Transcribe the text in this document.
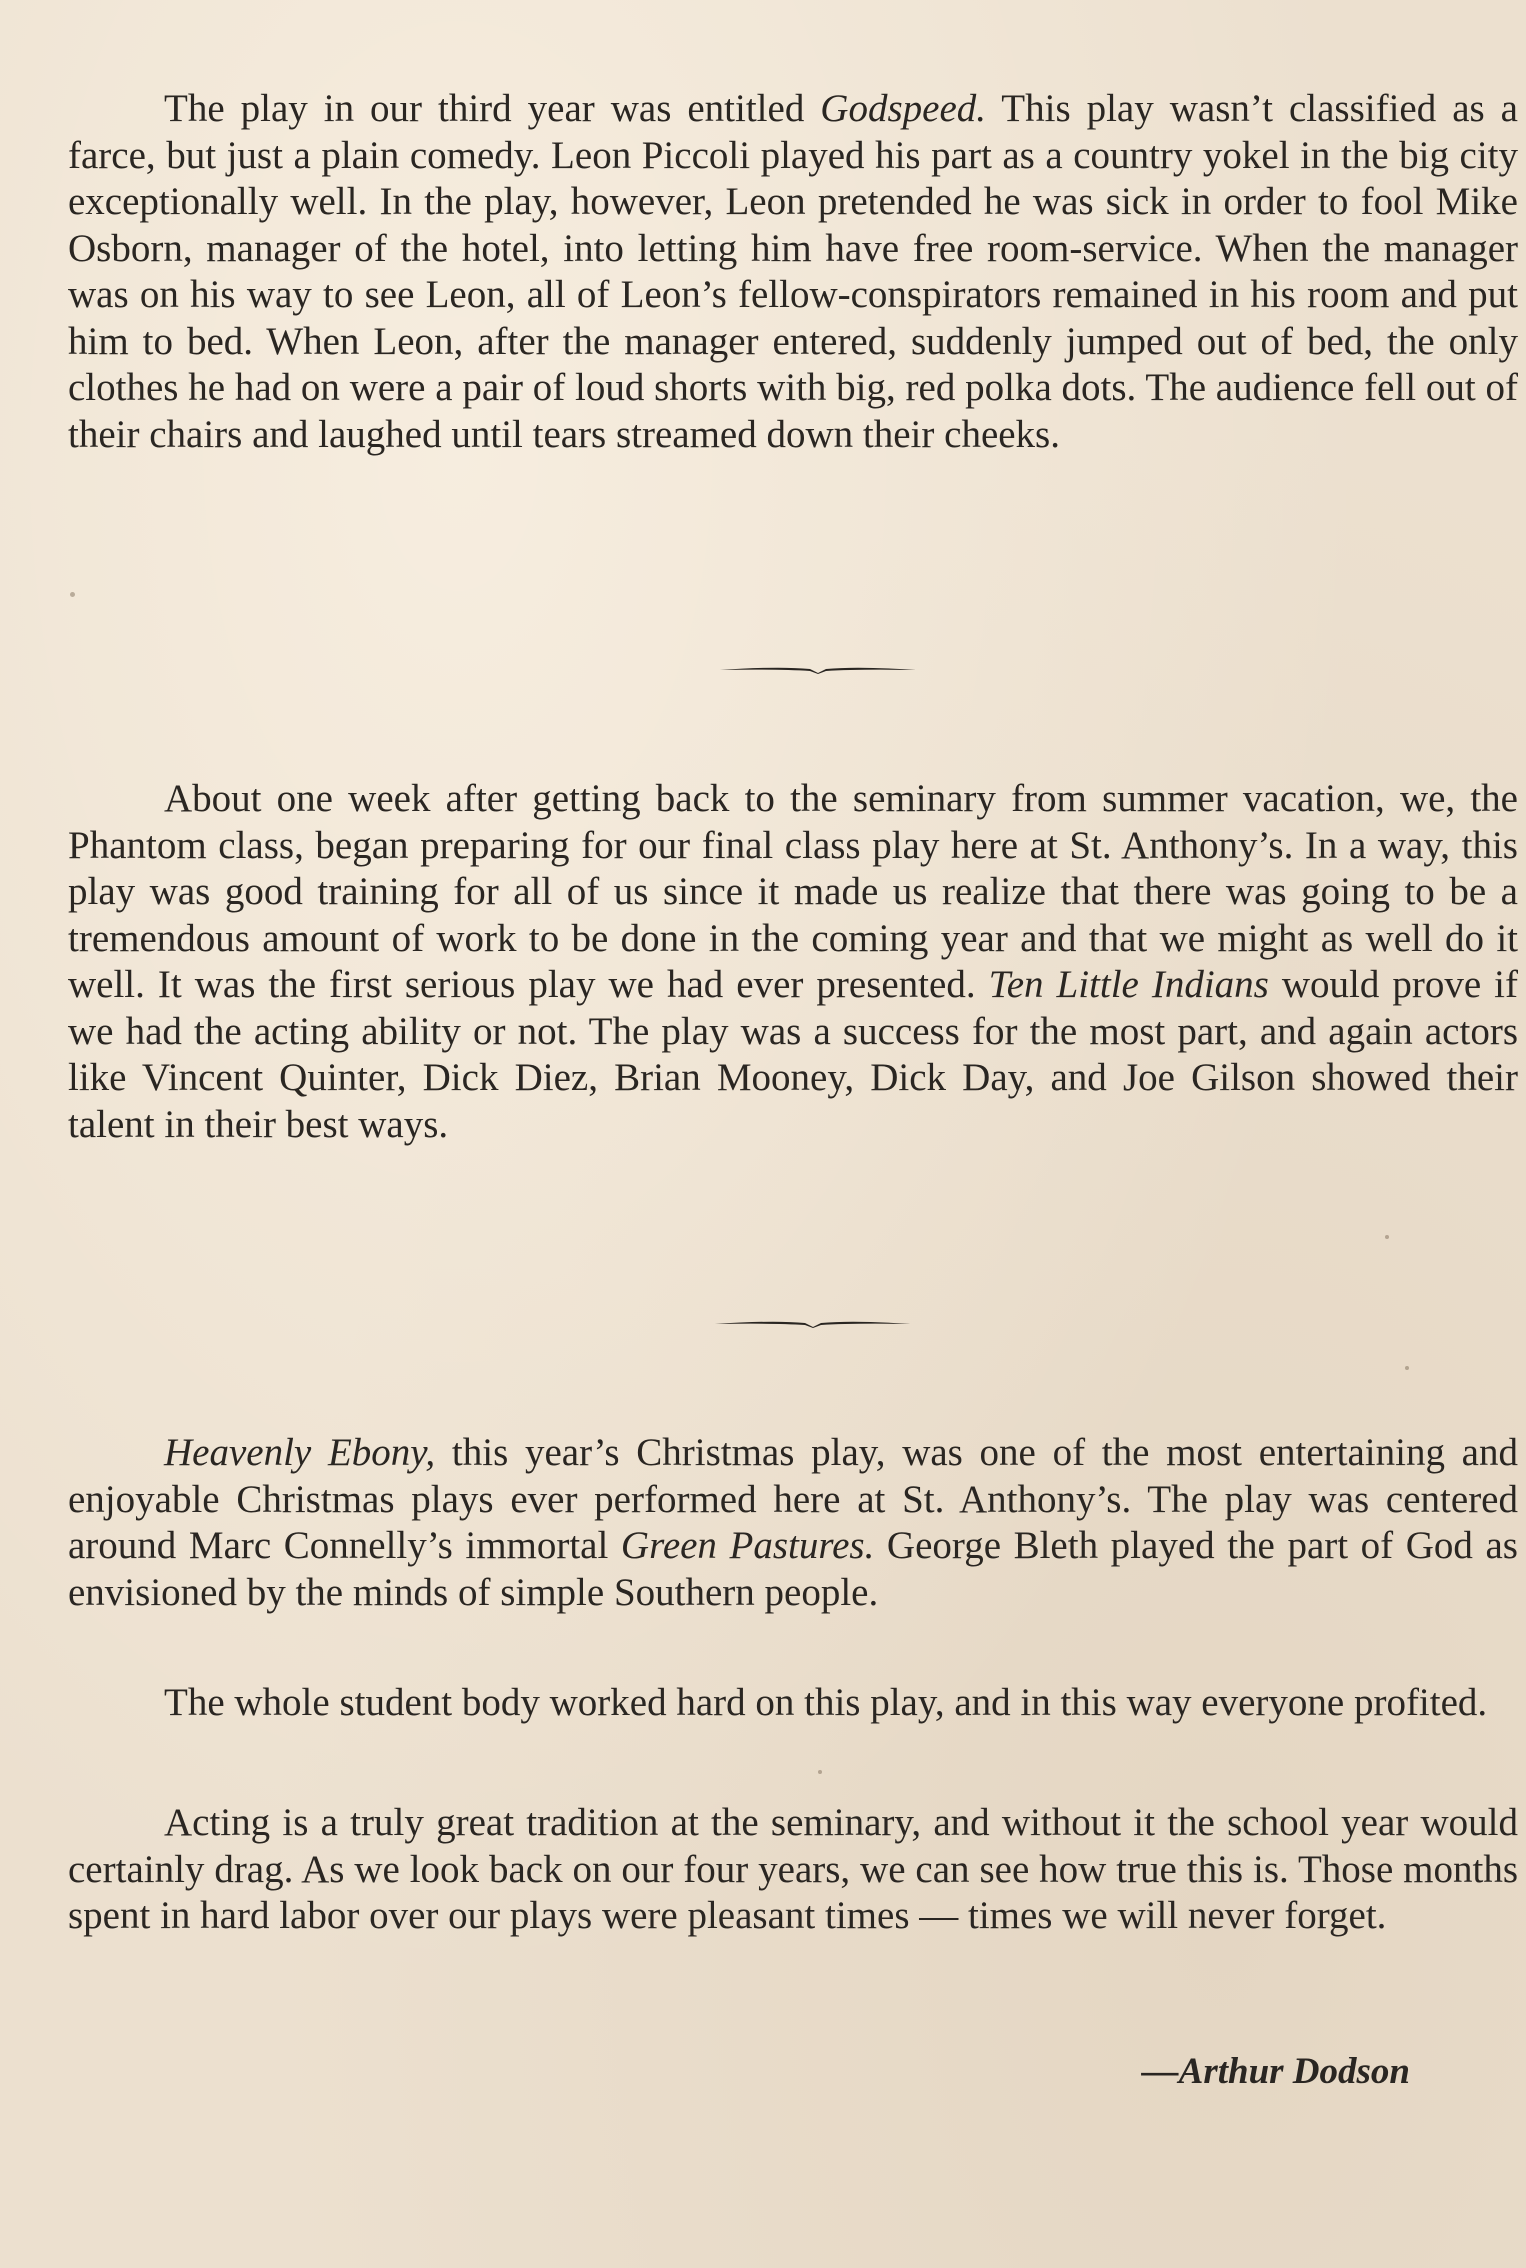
The play in our third year was entitled Godspeed. This play wasn’t classified as a farce, but just a plain comedy. Leon Piccoli played his part as a country yokel in the big city exceptionally well. In the play, however, Leon pretended he was sick in order to fool Mike Osborn, manager of the hotel, into letting him have free room-service. When the manager was on his way to see Leon, all of Leon’s fellow-conspirators remained in his room and put him to bed. When Leon, after the manager entered, suddenly jumped out of bed, the only clothes he had on were a pair of loud shorts with big, red polka dots. The audience fell out of their chairs and laughed until tears streamed down their cheeks.

About one week after getting back to the seminary from summer vacation, we, the Phantom class, began preparing for our final class play here at St. Anthony’s. In a way, this play was good training for all of us since it made us realize that there was going to be a tremendous amount of work to be done in the coming year and that we might as well do it well. It was the first serious play we had ever presented. Ten Little Indians would prove if we had the acting ability or not. The play was a success for the most part, and again actors like Vincent Quinter, Dick Diez, Brian Mooney, Dick Day, and Joe Gilson showed their talent in their best ways.

Heavenly Ebony, this year’s Christmas play, was one of the most entertaining and enjoyable Christmas plays ever performed here at St. Anthony’s. The play was centered around Marc Connelly’s immortal Green Pastures. George Bleth played the part of God as envisioned by the minds of simple Southern people.

The whole student body worked hard on this play, and in this way everyone profited.

Acting is a truly great tradition at the seminary, and without it the school year would certainly drag. As we look back on our four years, we can see how true this is. Those months spent in hard labor over our plays were pleasant times — times we will never forget.

—Arthur Dodson
